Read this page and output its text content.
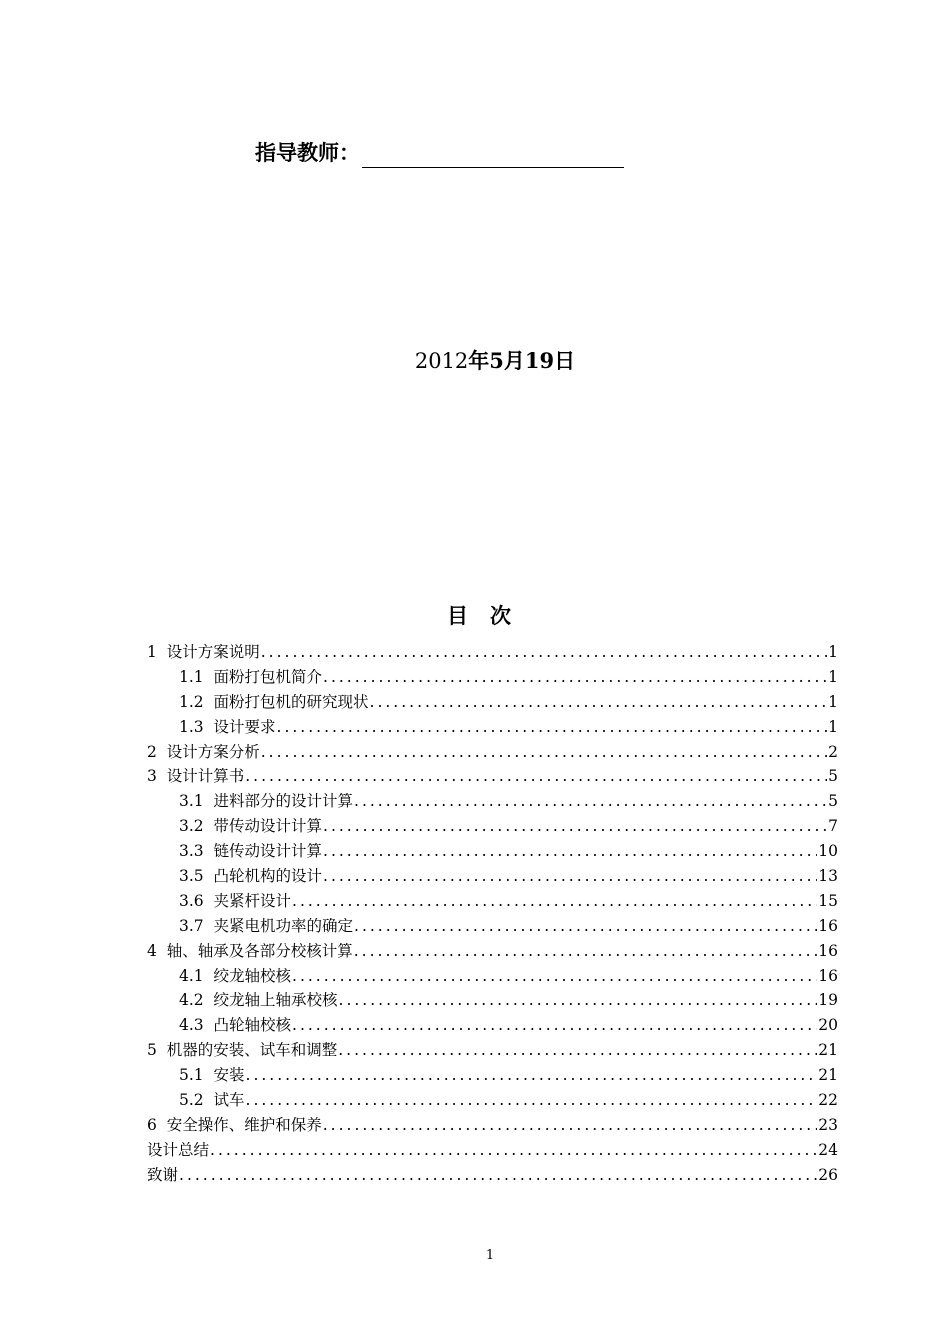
指导教师：
2012年5月19日
目次
1 设计方案说明 .....	1
1.1 面粉打包机简介 .....	1
1.2 面粉打包机的研究现状 .....	1
1.3 设计要求 .....	1
2 设计方案分析 .....	2
3 设计计算书 .....	5
3.1 进料部分的设计计算 .....	5
3.2 带传动设计计算 .....	7
3.3 链传动设计计算 .....	10
3.5 凸轮机构的设计 .....	13
3.6 夹紧杆设计 .....	15
3.7 夹紧电机功率的确定 .....	16
4 轴、轴承及各部分校核计算 .....	16
4.1 绞龙轴校核 .....	16
4.2 绞龙轴上轴承校核 .....	19
4.3 凸轮轴校核 .....	20
5 机器的安装、试车和调整 .....	21
5.1 安装 .....	21
5.2 试车 .....	22
6 安全操作、维护和保养 .....	23
设计总结 .....	24
致谢 .....	26
1
